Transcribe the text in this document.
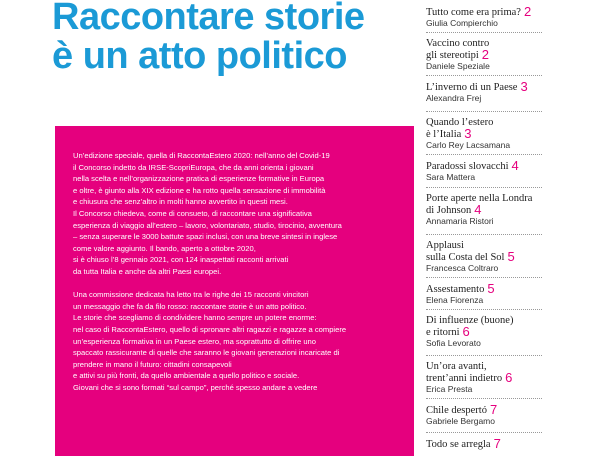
Raccontare storie
è un atto politico

Un’edizione speciale, quella di RaccontaEstero 2020: nell’anno del Covid-19
il Concorso indetto da IRSE-ScopriEuropa, che da anni orienta i giovani
nella scelta e nell’organizzazione pratica di esperienze formative in Europa
e oltre, è giunto alla XIX edizione e ha rotto quella sensazione di immobilità
e chiusura che senz’altro in molti hanno avvertito in questi mesi.
Il Concorso chiedeva, come di consueto, di raccontare una significativa
esperienza di viaggio all’estero – lavoro, volontariato, studio, tirocinio, avventura
– senza superare le 3000 battute spazi inclusi, con una breve sintesi in inglese
come valore aggiunto. Il bando, aperto a ottobre 2020,
si è chiuso l’8 gennaio 2021, con 124 inaspettati racconti arrivati
da tutta Italia e anche da altri Paesi europei.

Una commissione dedicata ha letto tra le righe dei 15 racconti vincitori
un messaggio che fa da filo rosso: raccontare storie è un atto politico.
Le storie che scegliamo di condividere hanno sempre un potere enorme:
nel caso di RaccontaEstero, quello di spronare altri ragazzi e ragazze a compiere
un’esperienza formativa in un Paese estero, ma soprattutto di offrire uno
spaccato rassicurante di quelle che saranno le giovani generazioni incaricate di
prendere in mano il futuro: cittadini consapevoli
e attivi su più fronti, da quello ambientale a quello politico e sociale.
Giovani che si sono formati “sul campo”, perché spesso andare a vedere

Tutto come era prima? 2
Giulia Compierchio
Vaccino contro
gli stereotipi 2
Daniele Speziale
L’inverno di un Paese 3
Alexandra Frej
Quando l’estero
è l’Italia 3
Carlo Rey Lacsamana
Paradossi slovacchi 4
Sara Mattera
Porte aperte nella Londra
di Johnson 4
Annamaria Ristori
Applausi
sulla Costa del Sol 5
Francesca Coltraro
Assestamento 5
Elena Fiorenza
Di influenze (buone)
e ritorni 6
Sofia Levorato
Un’ora avanti,
trent’anni indietro 6
Erica Presta
Chile despertó 7
Gabriele Bergamo
Todo se arregla 7
